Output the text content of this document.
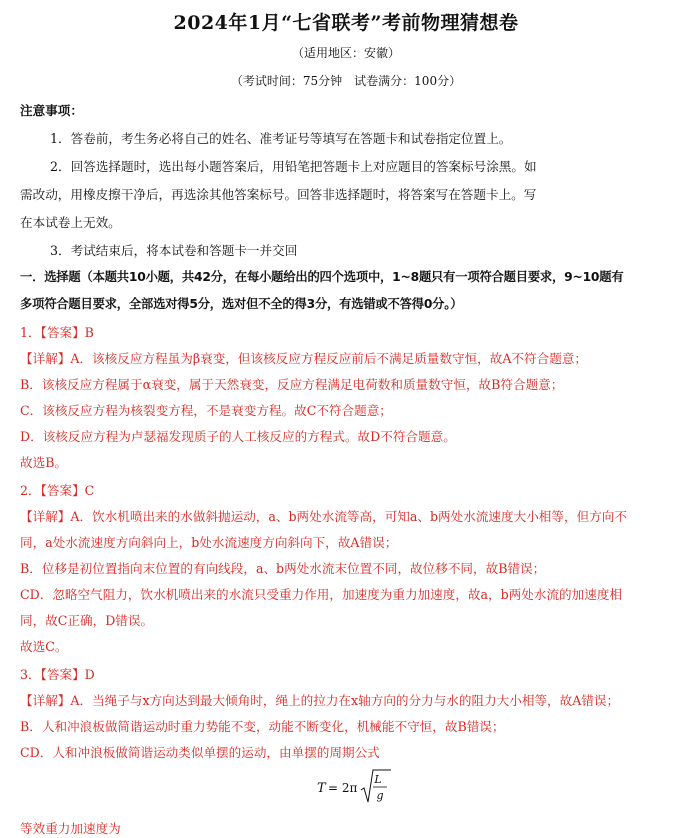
2024年1月“七省联考”考前物理猜想卷
（适用地区：安徽）
（考试时间：75分钟　试卷满分：100分）
注意事项：
1．答卷前，考生务必将自己的姓名、准考证号等填写在答题卡和试卷指定位置上。
2．回答选择题时，选出每小题答案后，用铅笔把答题卡上对应题目的答案标号涂黑。如
需改动，用橡皮擦干净后，再选涂其他答案标号。回答非选择题时，将答案写在答题卡上。写
在本试卷上无效。
3．考试结束后，将本试卷和答题卡一并交回
一．选择题（本题共10小题，共42分，在每小题给出的四个选项中，1~8题只有一项符合题目要求，9~10题有
多项符合题目要求，全部选对得5分，选对但不全的得3分，有选错或不答得0分。）
1．【答案】B
【详解】A．该核反应方程虽为β衰变，但该核反应方程反应前后不满足质量数守恒，故A不符合题意；
B．该核反应方程属于α衰变，属于天然衰变，反应方程满足电荷数和质量数守恒，故B符合题意；
C．该核反应方程为核裂变方程，不是衰变方程。故C不符合题意；
D．该核反应方程为卢瑟福发现质子的人工核反应的方程式。故D不符合题意。
故选B。
2．【答案】C
【详解】A．饮水机喷出来的水做斜抛运动，a、b两处水流等高，可知a、b两处水流速度大小相等，但方向不
同，a处水流速度方向斜向上，b处水流速度方向斜向下，故A错误；
B．位移是初位置指向末位置的有向线段，a、b两处水流末位置不同，故位移不同，故B错误；
CD．忽略空气阻力，饮水机喷出来的水流只受重力作用，加速度为重力加速度，故a，b两处水流的加速度相
同，故C正确，D错误。
故选C。
3．【答案】D
【详解】A．当绳子与x方向达到最大倾角时，绳上的拉力在x轴方向的分力与水的阻力大小相等，故A错误；
B．人和冲浪板做简谐运动时重力势能不变，动能不断变化，机械能不守恒，故B错误；
CD．人和冲浪板做简谐运动类似单摆的运动，由单摆的周期公式
T = 2π
L
g
等效重力加速度为
